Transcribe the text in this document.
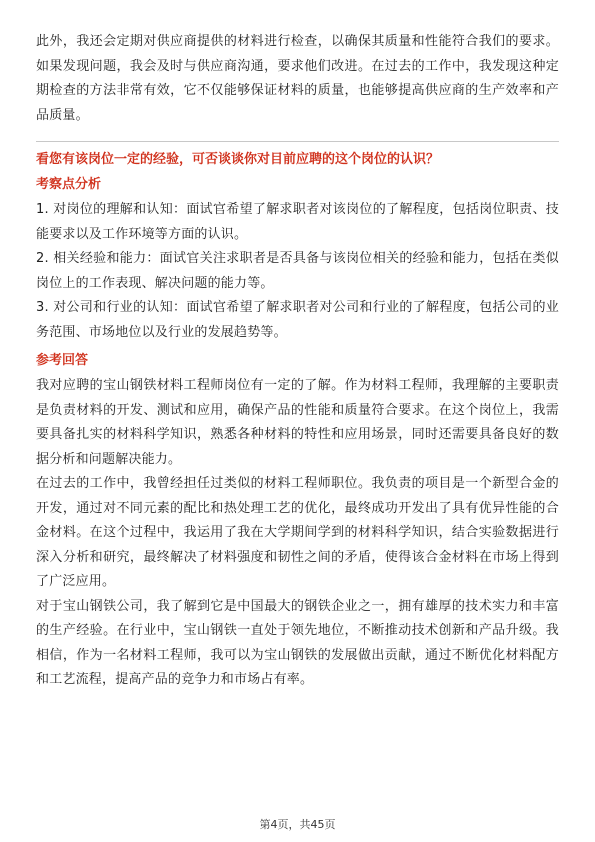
此外，我还会定期对供应商提供的材料进行检查，以确保其质量和性能符合我们的要求。如果发现问题，我会及时与供应商沟通，要求他们改进。在过去的工作中，我发现这种定期检查的方法非常有效，它不仅能够保证材料的质量，也能够提高供应商的生产效率和产品质量。

看您有该岗位一定的经验，可否谈谈你对目前应聘的这个岗位的认识？

考察点分析

1. 对岗位的理解和认知：面试官希望了解求职者对该岗位的了解程度，包括岗位职责、技能要求以及工作环境等方面的认识。

2. 相关经验和能力：面试官关注求职者是否具备与该岗位相关的经验和能力，包括在类似岗位上的工作表现、解决问题的能力等。

3. 对公司和行业的认知：面试官希望了解求职者对公司和行业的了解程度，包括公司的业务范围、市场地位以及行业的发展趋势等。

参考回答

我对应聘的宝山钢铁材料工程师岗位有一定的了解。作为材料工程师，我理解的主要职责是负责材料的开发、测试和应用，确保产品的性能和质量符合要求。在这个岗位上，我需要具备扎实的材料科学知识，熟悉各种材料的特性和应用场景，同时还需要具备良好的数据分析和问题解决能力。

在过去的工作中，我曾经担任过类似的材料工程师职位。我负责的项目是一个新型合金的开发，通过对不同元素的配比和热处理工艺的优化，最终成功开发出了具有优异性能的合金材料。在这个过程中，我运用了我在大学期间学到的材料科学知识，结合实验数据进行深入分析和研究，最终解决了材料强度和韧性之间的矛盾，使得该合金材料在市场上得到了广泛应用。

对于宝山钢铁公司，我了解到它是中国最大的钢铁企业之一，拥有雄厚的技术实力和丰富的生产经验。在行业中，宝山钢铁一直处于领先地位，不断推动技术创新和产品升级。我相信，作为一名材料工程师，我可以为宝山钢铁的发展做出贡献，通过不断优化材料配方和工艺流程，提高产品的竞争力和市场占有率。

第4页，共45页
